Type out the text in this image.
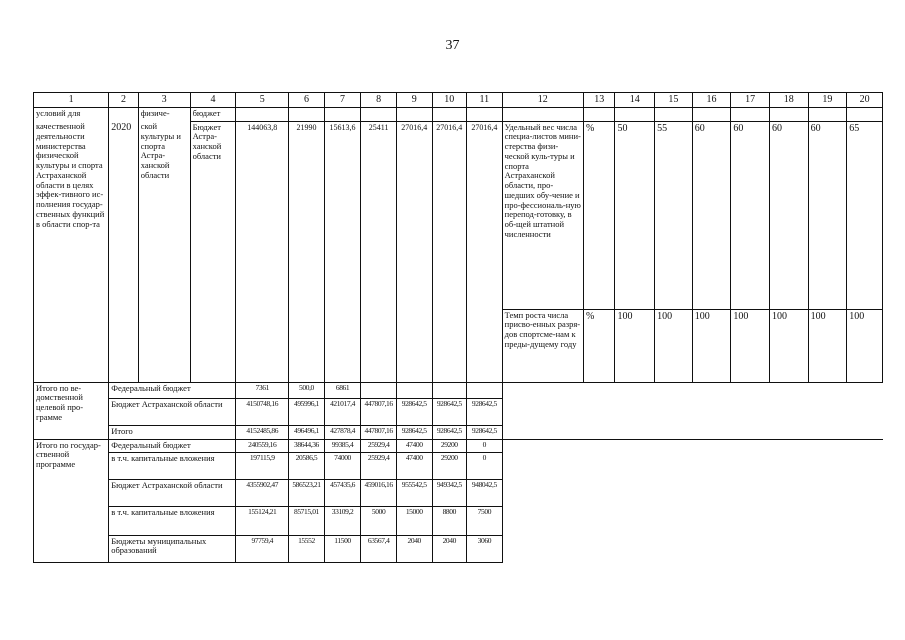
37
1	2	3	4	5	6	7	8	9	10	11	12	13	14	15	16	17	18	19	20
условий для		физиче-	бюджет																
качественной деятельности министерства физической культуры и спорта Астраханской области в целях эффек-тивного ис-полнения государ-ственных функций в области спор-та	2020	ской культуры и спорта Астра-ханской области	Бюджет Астра-ханской области	144063,8	21990	15613,6	25411	27016,4	27016,4	27016,4	Удельный вес числа специа-листов мини-стерства физи-ческой куль-туры и спорта Астраханской области, про-шедших обу-чение и про-фессиональ-ную перепод-готовку, в об-щей штатной численности	%	50	55	60	60	60	60	65
											Темп роста числа присво-енных разря-дов спортсме-нам к преды-дущему году	%	100	100	100	100	100	100	100
Итого по ве-домственной целевой про-грамме	Федеральный бюджет			7361	500,0	6861													
	Бюджет Астраханской области			4150748,16	495996,1	421017,4	447807,16	928642,5	928642,5	928642,5									
	Итого			4152485,86	496496,1	427878,4	447807,16	928642,5	928642,5	928642,5									
Итого по государ-ственной программе	Федеральный бюджет			240559,16	38644,36	99385,4	25929,4	47400	29200	0									
	в т.ч. капитальные вложения			197115,9	20586,5	74000	25929,4	47400	29200	0									
	Бюджет Астраханской области			4355902,47	586523,21	457435,6	459016,16	955542,5	949342,5	948042,5									
	в т.ч. капитальные вложения			155124,21	85715,01	33109,2	5000	15000	8800	7500									
	Бюджеты муниципальных образований			97759,4	15552	11500	63567,4	2040	2040	3060									
